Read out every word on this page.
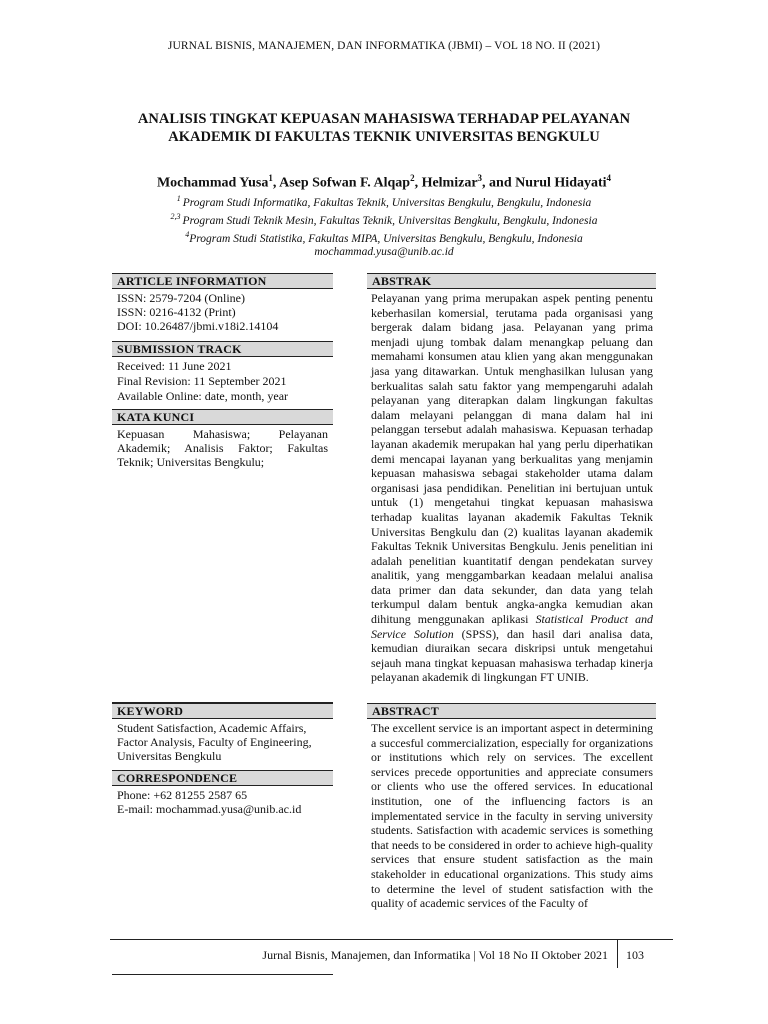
JURNAL BISNIS, MANAJEMEN, DAN INFORMATIKA (JBMI) – VOL 18 NO. II (2021)
ANALISIS TINGKAT KEPUASAN MAHASISWA TERHADAP PELAYANAN
AKADEMIK DI FAKULTAS TEKNIK UNIVERSITAS BENGKULU
Mochammad Yusa$^1$, Asep Sofwan F. Alqap$^2$, Helmizar$^3$, and Nurul Hidayati$^4$
$^1$ Program Studi Informatika, Fakultas Teknik, Universitas Bengkulu, Bengkulu, Indonesia
$^{2,3}$ Program Studi Teknik Mesin, Fakultas Teknik, Universitas Bengkulu, Bengkulu, Indonesia
$^4$Program Studi Statistika, Fakultas MIPA, Universitas Bengkulu, Bengkulu, Indonesia
mochammad.yusa@unib.ac.id
ARTICLE INFORMATION
ISSN: 2579-7204 (Online)
ISSN: 0216-4132 (Print)
DOI: 10.26487/jbmi.v18i2.14104
SUBMISSION TRACK
Received: 11 June 2021
Final Revision: 11 September 2021
Available Online: date, month, year
KATA KUNCI
Kepuasan Mahasiswa; Pelayanan Akademik; Analisis Faktor; Fakultas Teknik; Universitas Bengkulu;
KEYWORD
Student Satisfaction, Academic Affairs, Factor Analysis, Faculty of Engineering, Universitas Bengkulu
CORRESPONDENCE
Phone: +62 81255 2587 65
E-mail: mochammad.yusa@unib.ac.id
ABSTRAK
Pelayanan yang prima merupakan aspek penting penentu keberhasilan komersial, terutama pada organisasi yang bergerak dalam bidang jasa. Pelayanan yang prima menjadi ujung tombak dalam menangkap peluang dan memahami konsumen atau klien yang akan menggunakan jasa yang ditawarkan. Untuk menghasilkan lulusan yang berkualitas salah satu faktor yang mempengaruhi adalah pelayanan yang diterapkan dalam lingkungan fakultas dalam melayani pelanggan di mana dalam hal ini pelanggan tersebut adalah mahasiswa. Kepuasan terhadap layanan akademik merupakan hal yang perlu diperhatikan demi mencapai layanan yang berkualitas yang menjamin kepuasan mahasiswa sebagai stakeholder utama dalam organisasi jasa pendidikan. Penelitian ini bertujuan untuk untuk (1) mengetahui tingkat kepuasan mahasiswa terhadap kualitas layanan akademik Fakultas Teknik Universitas Bengkulu dan (2) kualitas layanan akademik Fakultas Teknik Universitas Bengkulu. Jenis penelitian ini adalah penelitian kuantitatif dengan pendekatan survey analitik, yang menggambarkan keadaan melalui analisa data primer dan data sekunder, dan data yang telah terkumpul dalam bentuk angka-angka kemudian akan dihitung menggunakan aplikasi Statistical Product and Service Solution (SPSS), dan hasil dari analisa data, kemudian diuraikan secara diskripsi untuk mengetahui sejauh mana tingkat kepuasan mahasiswa terhadap kinerja pelayanan akademik di lingkungan FT UNIB.
ABSTRACT
The excellent service is an important aspect in determining a succesful commercialization, especially for organizations or institutions which rely on services. The excellent services precede opportunities and appreciate consumers or clients who use the offered services. In educational institution, one of the influencing factors is an implementated service in the faculty in serving university students. Satisfaction with academic services is something that needs to be considered in order to achieve high-quality services that ensure student satisfaction as the main stakeholder in educational organizations. This study aims to determine the level of student satisfaction with the quality of academic services of the Faculty of
Jurnal Bisnis, Manajemen, dan Informatika | Vol 18 No II Oktober 2021 103
